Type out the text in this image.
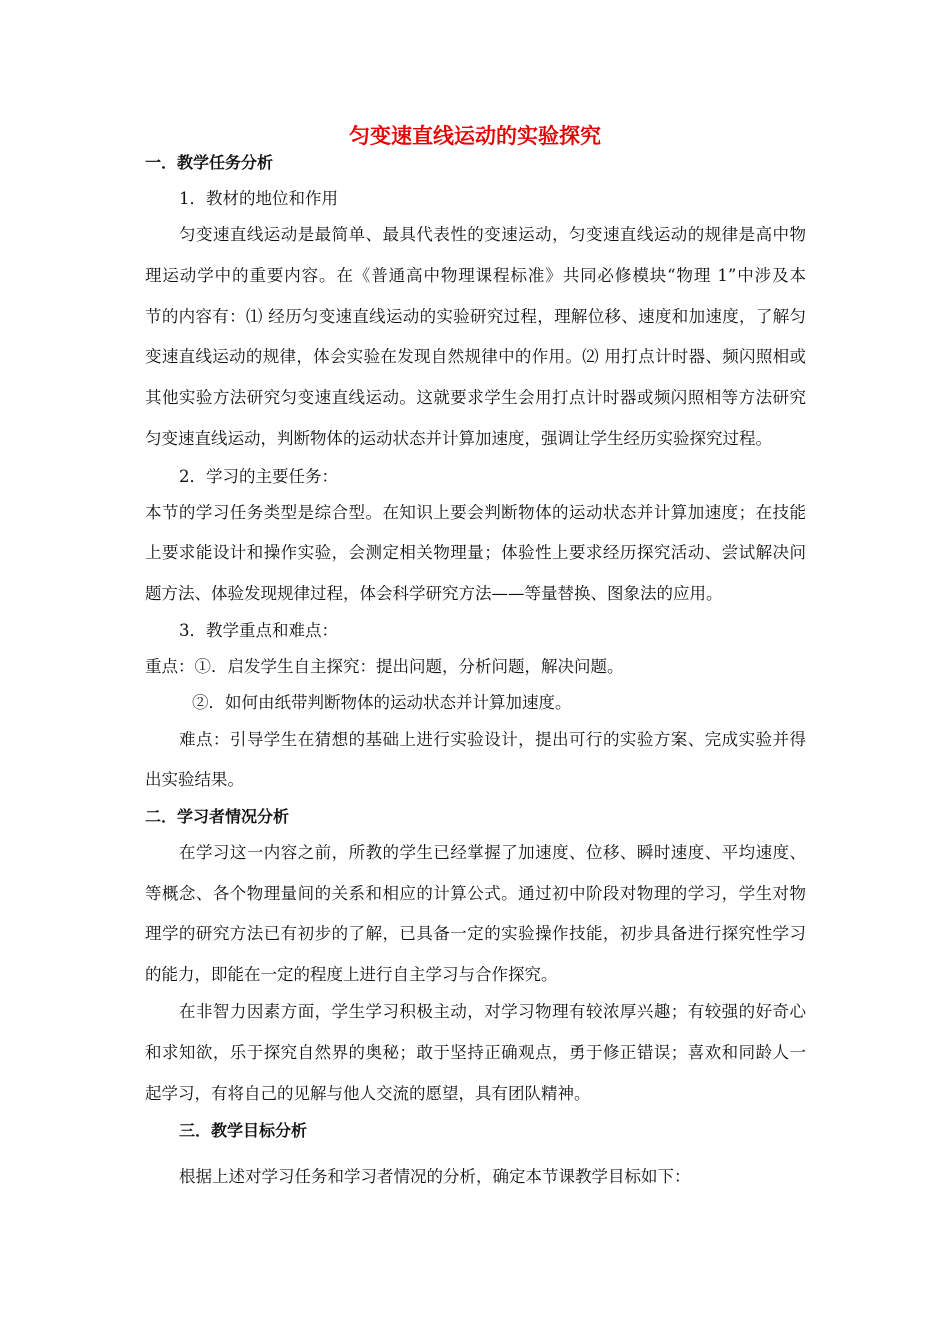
匀变速直线运动的实验探究
一．教学任务分析
1．教材的地位和作用
匀变速直线运动是最简单、最具代表性的变速运动，匀变速直线运动的规律是高中物
理运动学中的重要内容。在《普通高中物理课程标准》共同必修模块“物理 1”中涉及本
节的内容有：⑴ 经历匀变速直线运动的实验研究过程，理解位移、速度和加速度，了解匀
变速直线运动的规律，体会实验在发现自然规律中的作用。⑵ 用打点计时器、频闪照相或
其他实验方法研究匀变速直线运动。这就要求学生会用打点计时器或频闪照相等方法研究
匀变速直线运动，判断物体的运动状态并计算加速度，强调让学生经历实验探究过程。
2．学习的主要任务：
本节的学习任务类型是综合型。在知识上要会判断物体的运动状态并计算加速度；在技能
上要求能设计和操作实验，会测定相关物理量；体验性上要求经历探究活动、尝试解决问
题方法、体验发现规律过程，体会科学研究方法——等量替换、图象法的应用。
3．教学重点和难点：
重点：①．启发学生自主探究：提出问题，分析问题，解决问题。
②．如何由纸带判断物体的运动状态并计算加速度。
难点：引导学生在猜想的基础上进行实验设计，提出可行的实验方案、完成实验并得
出实验结果。
二．学习者情况分析
在学习这一内容之前，所教的学生已经掌握了加速度、位移、瞬时速度、平均速度、
等概念、各个物理量间的关系和相应的计算公式。通过初中阶段对物理的学习，学生对物
理学的研究方法已有初步的了解，已具备一定的实验操作技能，初步具备进行探究性学习
的能力，即能在一定的程度上进行自主学习与合作探究。
在非智力因素方面，学生学习积极主动，对学习物理有较浓厚兴趣；有较强的好奇心
和求知欲，乐于探究自然界的奥秘；敢于坚持正确观点，勇于修正错误；喜欢和同龄人一
起学习，有将自己的见解与他人交流的愿望，具有团队精神。
三．教学目标分析
根据上述对学习任务和学习者情况的分析，确定本节课教学目标如下：
